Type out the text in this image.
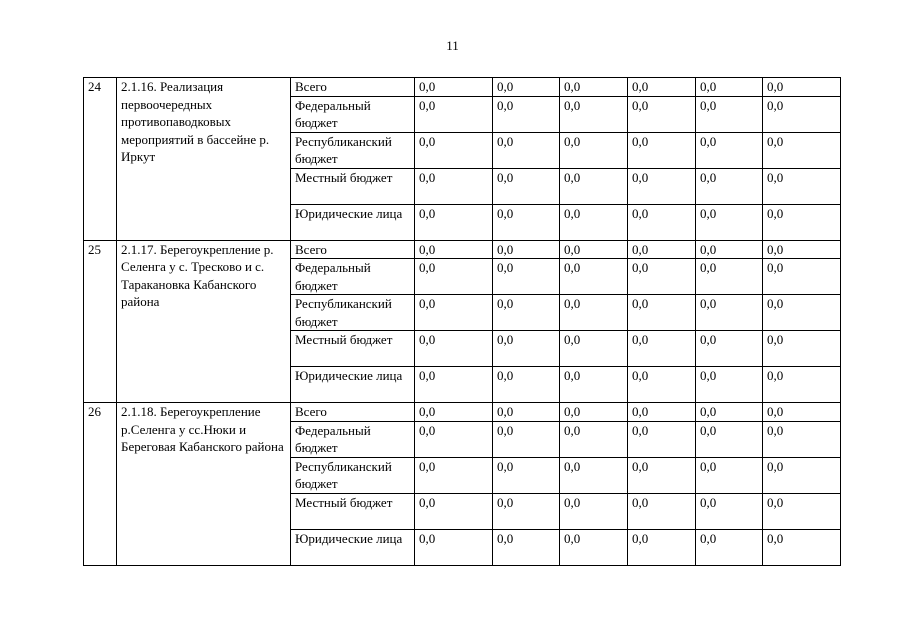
11
24	2.1.16. Реализация первоочередных противопаводковых мероприятий в бассейне р. Иркут	Всего	0,0	0,0	0,0	0,0	0,0	0,0
		Федеральный бюджет	0,0	0,0	0,0	0,0	0,0	0,0
		Республиканский бюджет	0,0	0,0	0,0	0,0	0,0	0,0
		Местный бюджет	0,0	0,0	0,0	0,0	0,0	0,0
		Юридические лица	0,0	0,0	0,0	0,0	0,0	0,0
25	2.1.17. Берегоукрепление р. Селенга у с. Тресково и с. Таракановка Кабанского района	Всего	0,0	0,0	0,0	0,0	0,0	0,0
		Федеральный бюджет	0,0	0,0	0,0	0,0	0,0	0,0
		Республиканский бюджет	0,0	0,0	0,0	0,0	0,0	0,0
		Местный бюджет	0,0	0,0	0,0	0,0	0,0	0,0
		Юридические лица	0,0	0,0	0,0	0,0	0,0	0,0
26	2.1.18. Берегоукрепление р.Селенга у сс.Нюки и Береговая Кабанского района	Всего	0,0	0,0	0,0	0,0	0,0	0,0
		Федеральный бюджет	0,0	0,0	0,0	0,0	0,0	0,0
		Республиканский бюджет	0,0	0,0	0,0	0,0	0,0	0,0
		Местный бюджет	0,0	0,0	0,0	0,0	0,0	0,0
		Юридические лица	0,0	0,0	0,0	0,0	0,0	0,0
